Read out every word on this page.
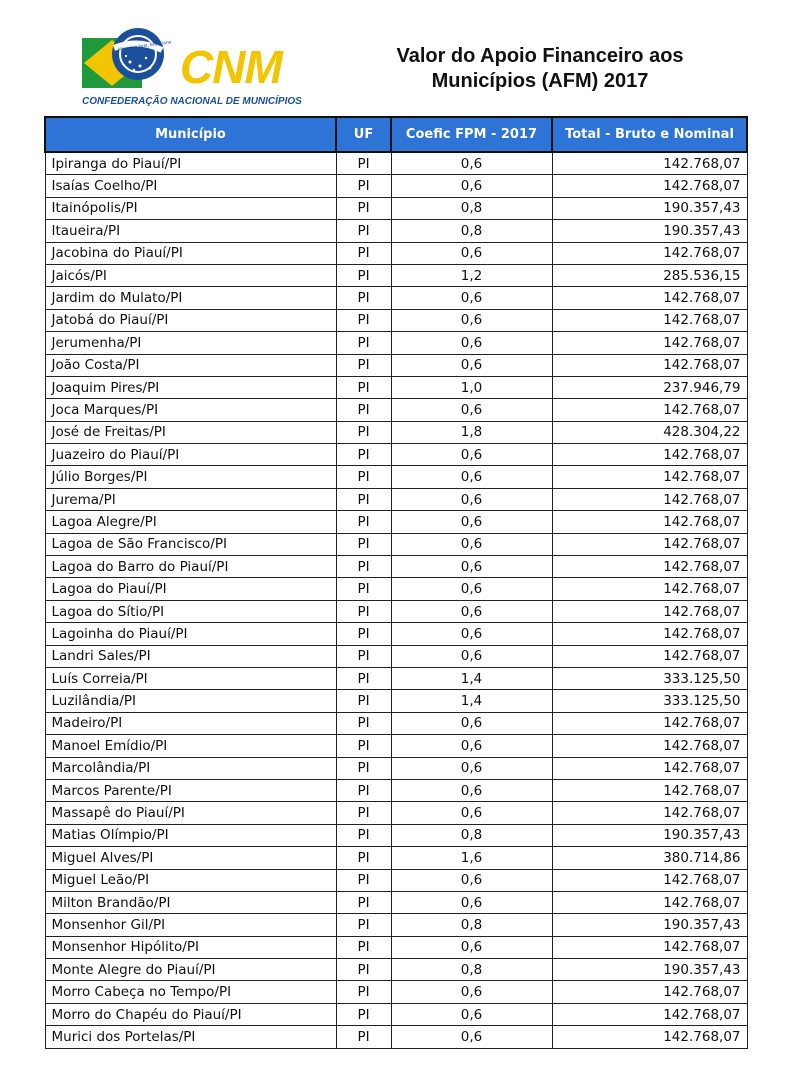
Município forte, Brasil forte CNM
CONFEDERAÇÃO NACIONAL DE MUNICÍPIOS
Valor do Apoio Financeiro aos
Municípios (AFM) 2017
Município	UF	Coefic FPM - 2017	Total - Bruto e Nominal
Ipiranga do Piauí/PI	PI	0,6	142.768,07
Isaías Coelho/PI	PI	0,6	142.768,07
Itainópolis/PI	PI	0,8	190.357,43
Itaueira/PI	PI	0,8	190.357,43
Jacobina do Piauí/PI	PI	0,6	142.768,07
Jaicós/PI	PI	1,2	285.536,15
Jardim do Mulato/PI	PI	0,6	142.768,07
Jatobá do Piauí/PI	PI	0,6	142.768,07
Jerumenha/PI	PI	0,6	142.768,07
João Costa/PI	PI	0,6	142.768,07
Joaquim Pires/PI	PI	1,0	237.946,79
Joca Marques/PI	PI	0,6	142.768,07
José de Freitas/PI	PI	1,8	428.304,22
Juazeiro do Piauí/PI	PI	0,6	142.768,07
Júlio Borges/PI	PI	0,6	142.768,07
Jurema/PI	PI	0,6	142.768,07
Lagoa Alegre/PI	PI	0,6	142.768,07
Lagoa de São Francisco/PI	PI	0,6	142.768,07
Lagoa do Barro do Piauí/PI	PI	0,6	142.768,07
Lagoa do Piauí/PI	PI	0,6	142.768,07
Lagoa do Sítio/PI	PI	0,6	142.768,07
Lagoinha do Piauí/PI	PI	0,6	142.768,07
Landri Sales/PI	PI	0,6	142.768,07
Luís Correia/PI	PI	1,4	333.125,50
Luzilândia/PI	PI	1,4	333.125,50
Madeiro/PI	PI	0,6	142.768,07
Manoel Emídio/PI	PI	0,6	142.768,07
Marcolândia/PI	PI	0,6	142.768,07
Marcos Parente/PI	PI	0,6	142.768,07
Massapê do Piauí/PI	PI	0,6	142.768,07
Matias Olímpio/PI	PI	0,8	190.357,43
Miguel Alves/PI	PI	1,6	380.714,86
Miguel Leão/PI	PI	0,6	142.768,07
Milton Brandão/PI	PI	0,6	142.768,07
Monsenhor Gil/PI	PI	0,8	190.357,43
Monsenhor Hipólito/PI	PI	0,6	142.768,07
Monte Alegre do Piauí/PI	PI	0,8	190.357,43
Morro Cabeça no Tempo/PI	PI	0,6	142.768,07
Morro do Chapéu do Piauí/PI	PI	0,6	142.768,07
Murici dos Portelas/PI	PI	0,6	142.768,07
